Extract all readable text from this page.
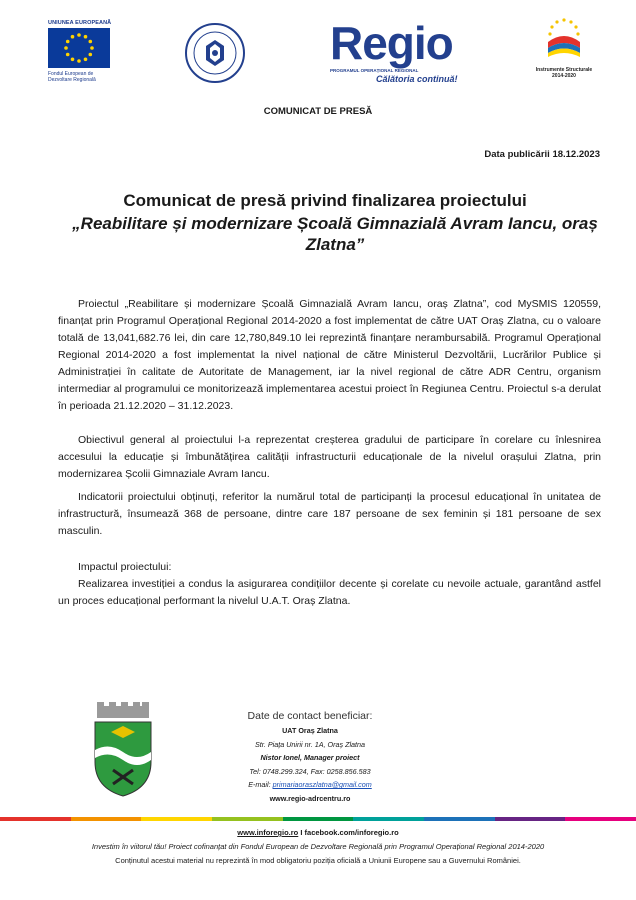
UNIUNEA EUROPEANĂ
Fondul European de
Dezvoltare Regională
Regio
PROGRAMUL OPERAȚIONAL REGIONAL
Călătoria continuă!
Instrumente Structurale
2014-2020
COMUNICAT DE PRESĂ
Data publicării 18.12.2023
Comunicat de presă privind finalizarea proiectului
„Reabilitare și modernizare Școală Gimnazială Avram Iancu, oraș Zlatna”
Proiectul „Reabilitare și modernizare Școală Gimnazială Avram Iancu, oraș Zlatna”, cod MySMIS 120559, finanțat prin Programul Operațional Regional 2014-2020 a fost implementat de către UAT Oraș Zlatna, cu o valoare totală de 13,041,682.76 lei, din care 12,780,849.10 lei reprezintă finanțare nerambursabilă. Programul Operațional Regional 2014-2020 a fost implementat la nivel național de către Ministerul Dezvoltării, Lucrărilor Publice și Administrației în calitate de Autoritate de Management, iar la nivel regional de către ADR Centru, organism intermediar al programului ce monitorizează implementarea acestui proiect în Regiunea Centru. Proiectul s-a derulat în perioada 21.12.2020 – 31.12.2023.
Obiectivul general al proiectului l-a reprezentat creșterea gradului de participare în corelare cu înlesnirea accesului la educație și îmbunătățirea calității infrastructurii educaționale de la nivelul orașului Zlatna, prin modernizarea Școlii Gimnaziale Avram Iancu.
Indicatorii proiectului obținuți, referitor la numărul total de participanți la procesul educațional în unitatea de infrastructură, însumează 368 de persoane, dintre care 187 persoane de sex feminin și 181 persoane de sex masculin.
Impactul proiectului:
Realizarea investiției a condus la asigurarea condițiilor decente și corelate cu nevoile actuale, garantând astfel un proces educațional performant la nivelul U.A.T. Oraș Zlatna.
Date de contact beneficiar:
UAT Oraș Zlatna
Str. Piața Unirii nr. 1A, Oraș Zlatna
Nistor Ionel, Manager proiect
Tel: 0748.299.324, Fax: 0258.856.583
E-mail: primariaoraszlatna@gmail.com
www.regio-adrcentru.ro
www.inforegio.ro I facebook.com/inforegio.ro
Investim în viitorul tău! Proiect cofinanțat din Fondul European de Dezvoltare Regională prin Programul Operațional Regional 2014-2020
Conținutul acestui material nu reprezintă în mod obligatoriu poziția oficială a Uniunii Europene sau a Guvernului României.
